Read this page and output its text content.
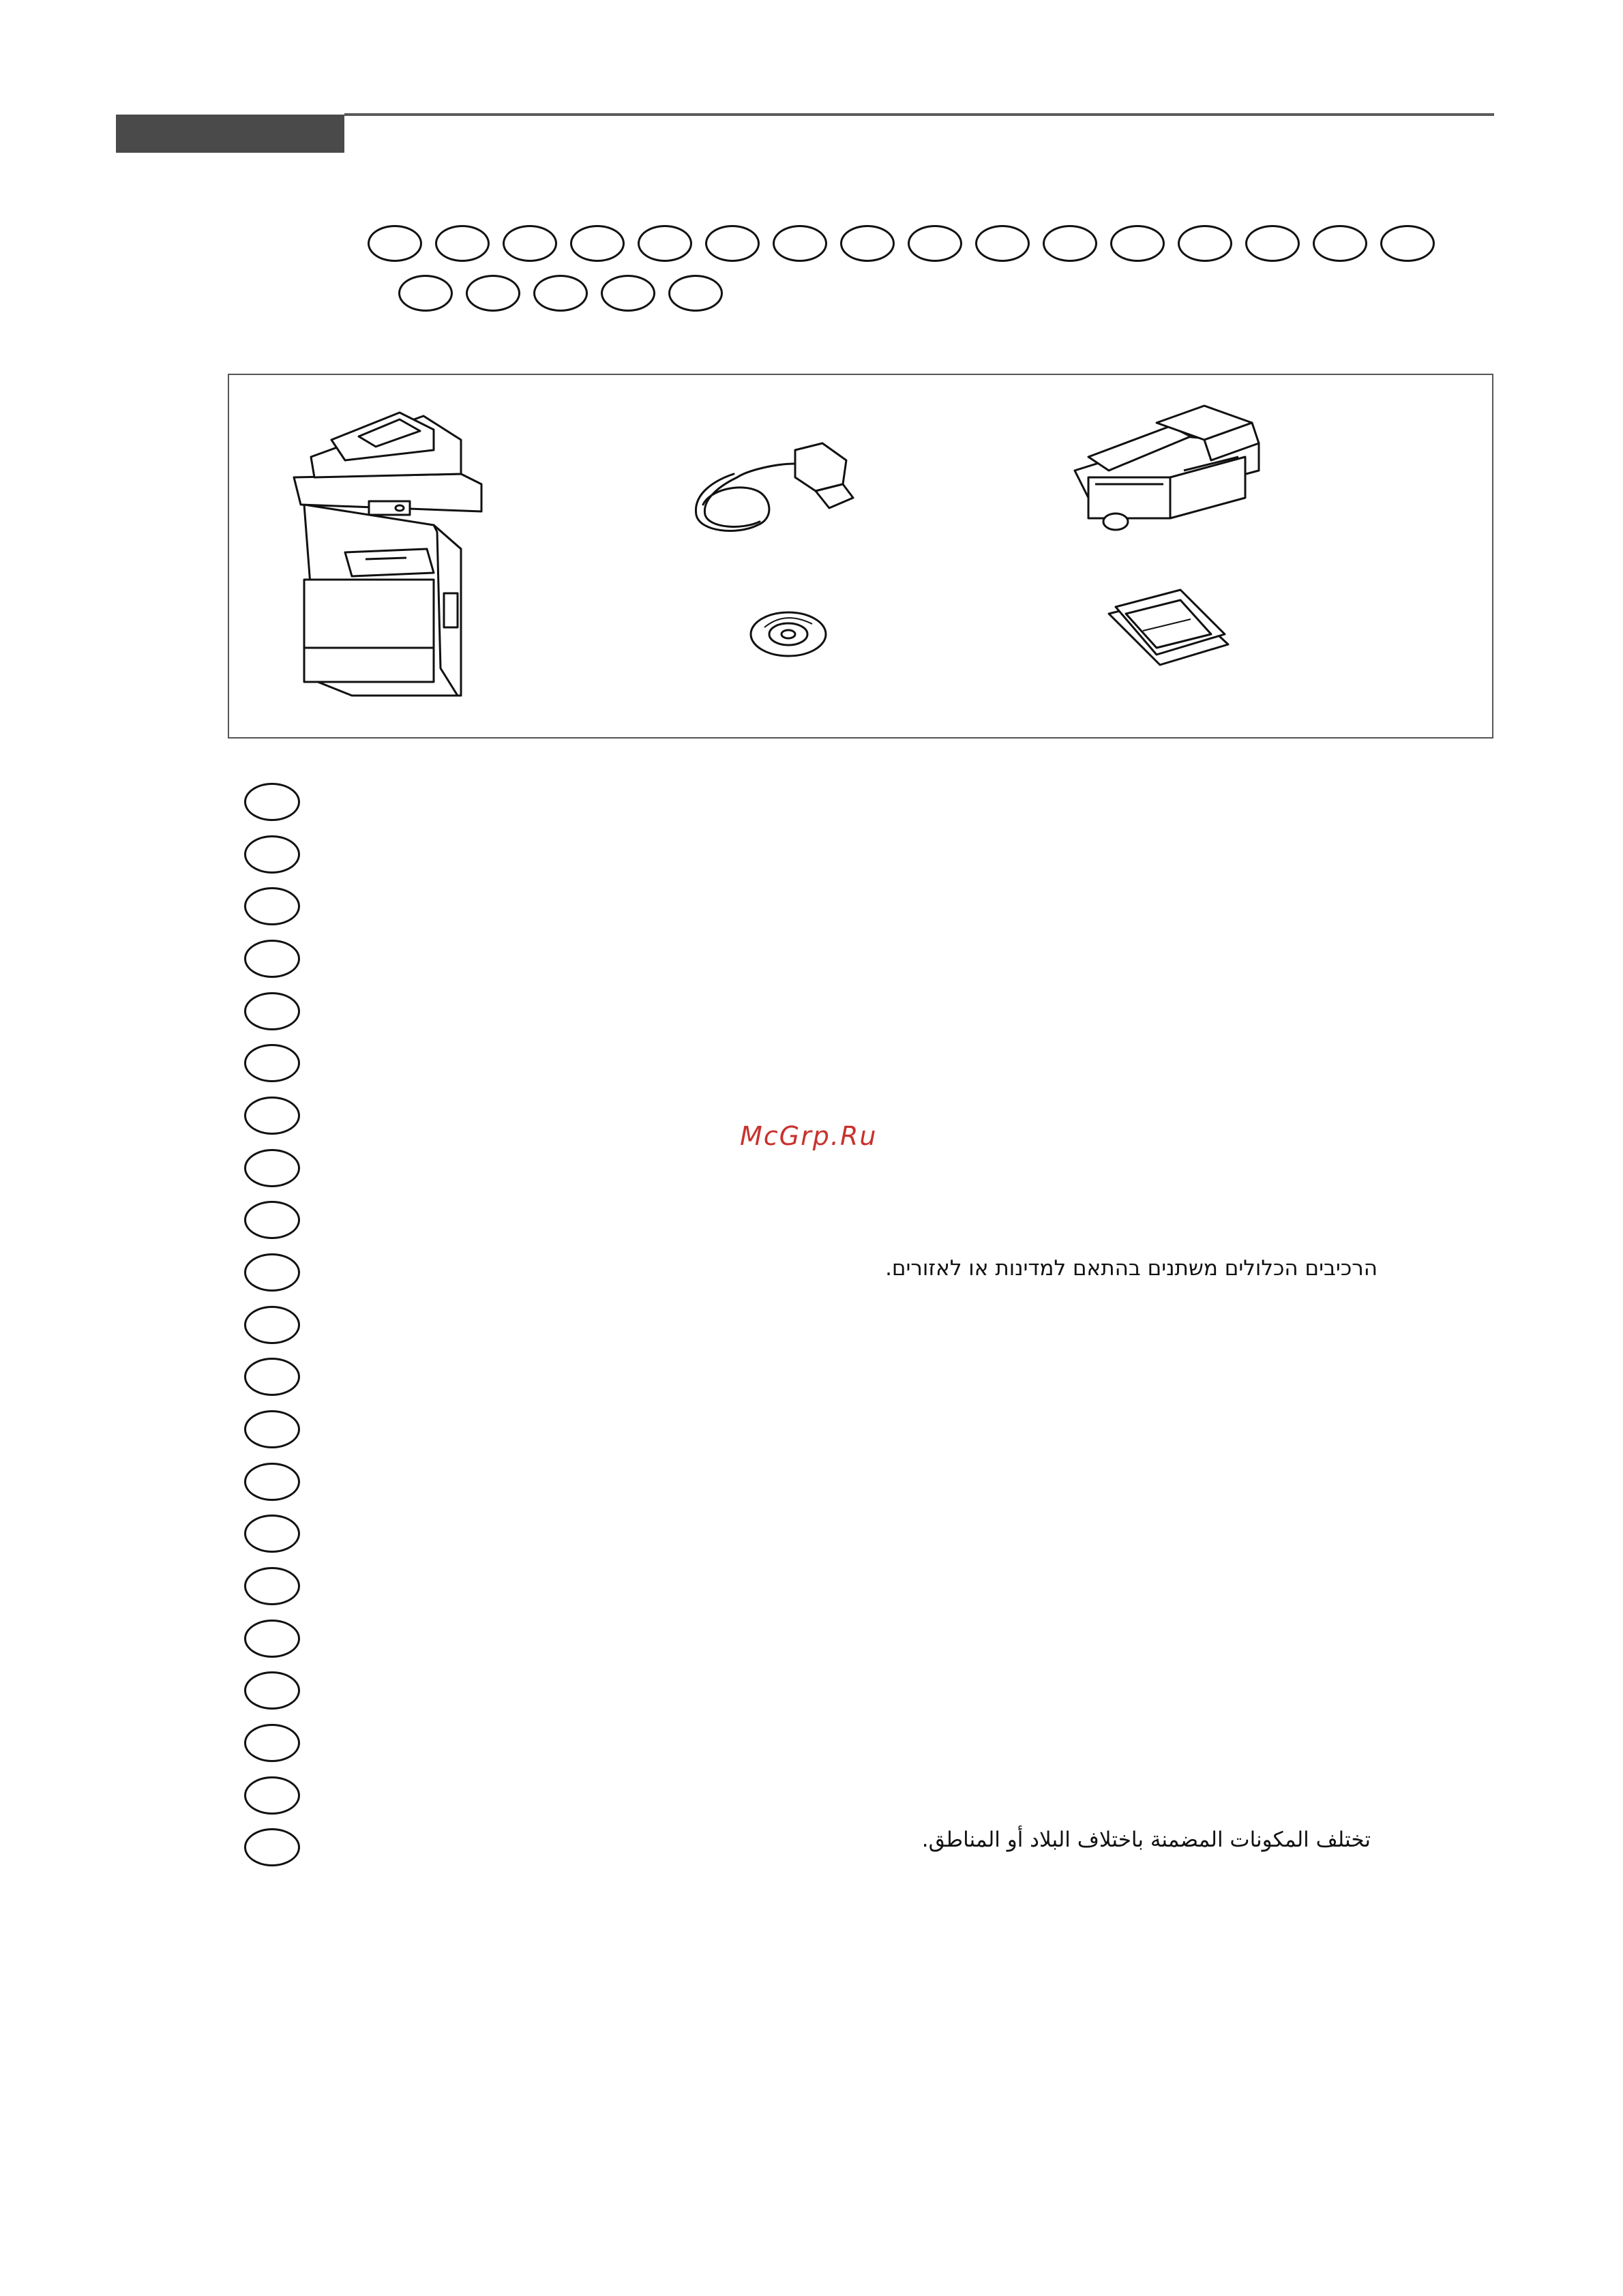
McGrp.Ru
הרכיבים הכלולים משתנים בהתאם למדינות או לאזורים.
تختلف المكونات المضمنة باختلاف البلاد أو المناطق.
